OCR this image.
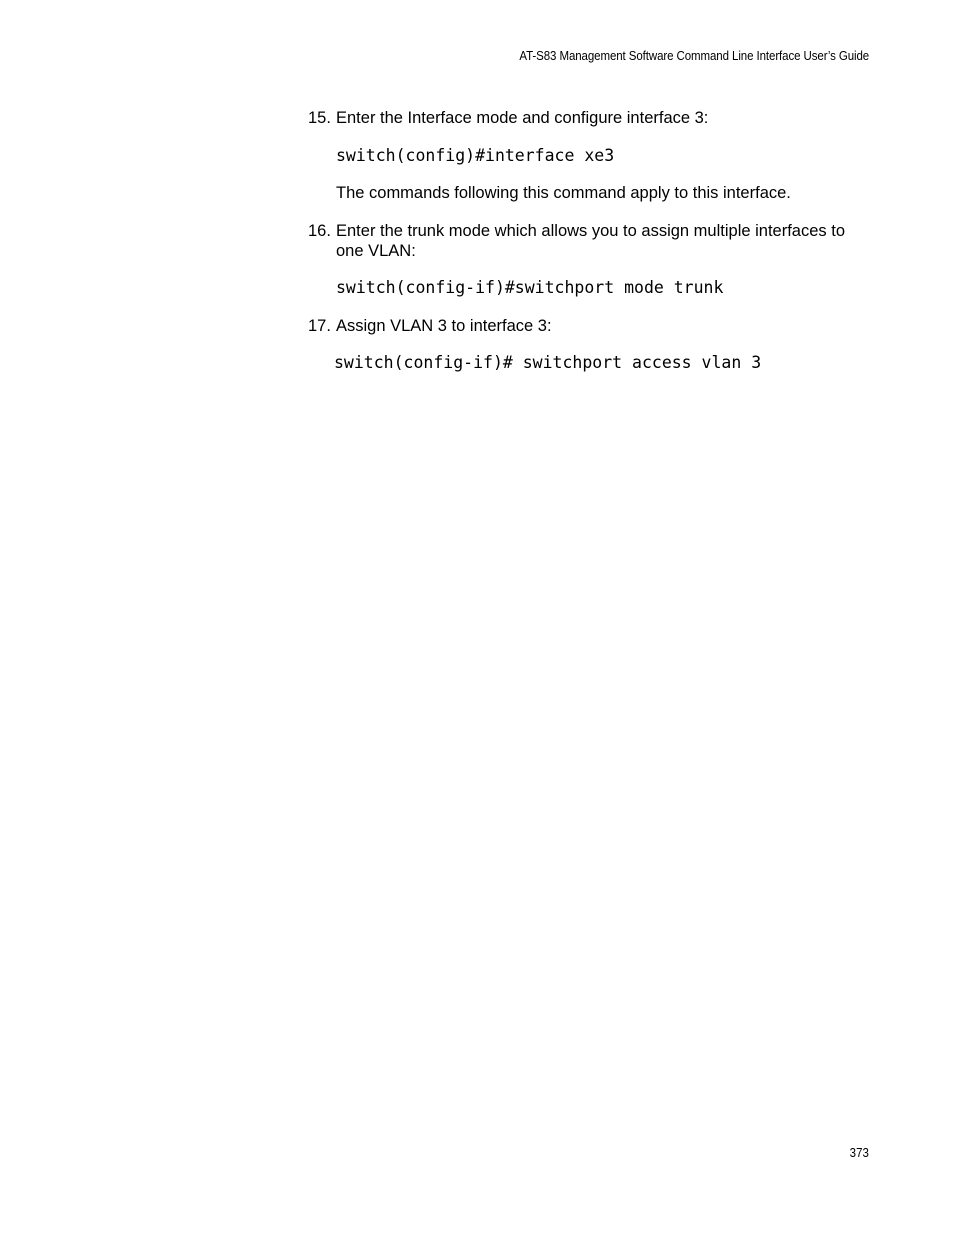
AT-S83 Management Software Command Line Interface User’s Guide
15. Enter the Interface mode and configure interface 3:
switch(config)#interface xe3
The commands following this command apply to this interface.
16. Enter the trunk mode which allows you to assign multiple interfaces to one VLAN:
switch(config-if)#switchport mode trunk
17. Assign VLAN 3 to interface 3:
switch(config-if)# switchport access vlan 3
373
